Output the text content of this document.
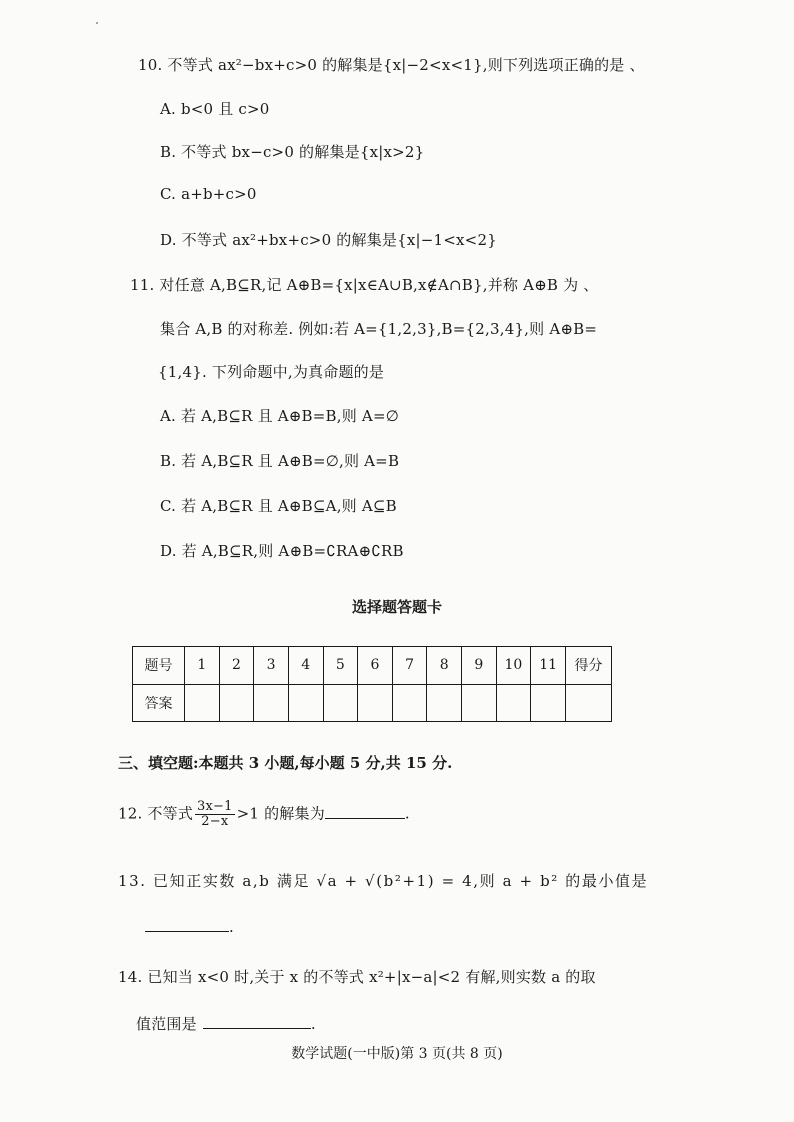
10. 不等式 ax²−bx+c>0 的解集是{x|−2<x<1},则下列选项正确的是 、
A. b<0 且 c>0
B. 不等式 bx−c>0 的解集是{x|x>2}
C. a+b+c>0
D. 不等式 ax²+bx+c>0 的解集是{x|−1<x<2}
11. 对任意 A,B⊆R,记 A⊕B={x|x∈A∪B,x∉A∩B},并称 A⊕B 为 、
集合 A,B 的对称差. 例如:若 A={1,2,3},B={2,3,4},则 A⊕B=
{1,4}. 下列命题中,为真命题的是
A. 若 A,B⊆R 且 A⊕B=B,则 A=∅
B. 若 A,B⊆R 且 A⊕B=∅,则 A=B
C. 若 A,B⊆R 且 A⊕B⊆A,则 A⊆B
D. 若 A,B⊆R,则 A⊕B=∁RA⊕∁RB
选择题答题卡
题号	1	2	3	4	5	6	7	8	9	10	11	得分
答案												
三、填空题:本题共 3 小题,每小题 5 分,共 15 分.
12. 不等式 $\frac{3x-1}{2-x} >1$ 的解集为	.
13. 已知正实数 a,b 满足 √a + √(b²+1) = 4,则 a + b² 的最小值是
.
14. 已知当 x<0 时,关于 x 的不等式 x²+|x−a|<2 有解,则实数 a 的取
值范围是	.
数学试题(一中版)第 3 页(共 8 页)
